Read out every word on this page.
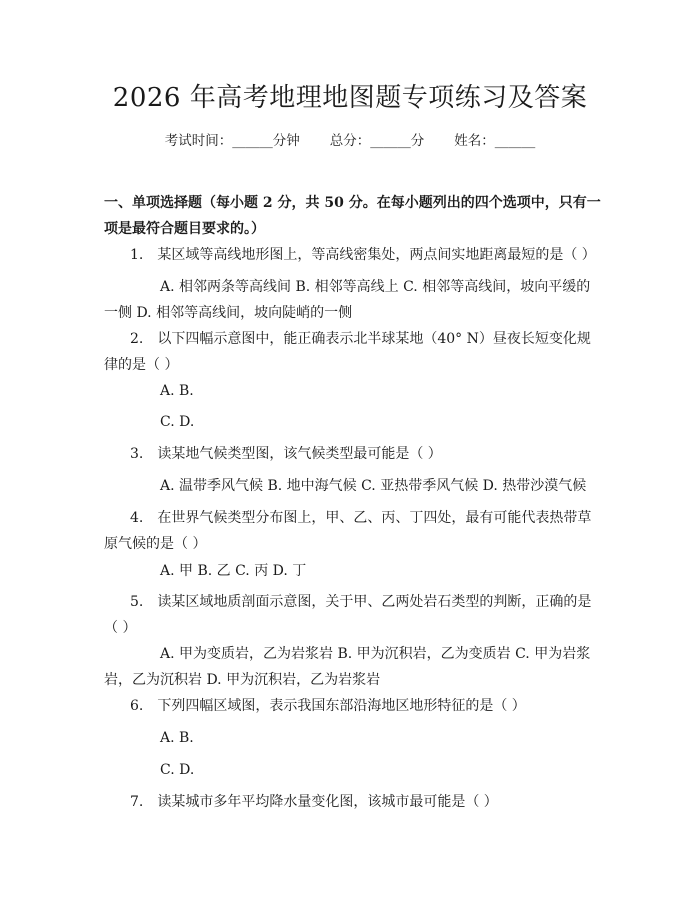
2026 年高考地理地图题专项练习及答案
考试时间：______分钟 总分：______分 姓名：______
一、单项选择题（每小题 2 分，共 50 分。在每小题列出的四个选项中，只有一项是最符合题目要求的。）
1.　某区域等高线地形图上，等高线密集处，两点间实地距离最短的是（ ）
A. 相邻两条等高线间 B. 相邻等高线上 C. 相邻等高线间，坡向平缓的一侧 D. 相邻等高线间，坡向陡峭的一侧
2.　以下四幅示意图中，能正确表示北半球某地（40° N）昼夜长短变化规律的是（ ）
A. B.
C. D.
3.　读某地气候类型图，该气候类型最可能是（ ）
A. 温带季风气候 B. 地中海气候 C. 亚热带季风气候 D. 热带沙漠气候
4.　在世界气候类型分布图上，甲、乙、丙、丁四处，最有可能代表热带草原气候的是（ ）
A. 甲 B. 乙 C. 丙 D. 丁
5.　读某区域地质剖面示意图，关于甲、乙两处岩石类型的判断，正确的是（ ）
A. 甲为变质岩，乙为岩浆岩 B. 甲为沉积岩，乙为变质岩 C. 甲为岩浆岩，乙为沉积岩 D. 甲为沉积岩，乙为岩浆岩
6.　下列四幅区域图，表示我国东部沿海地区地形特征的是（ ）
A. B.
C. D.
7.　读某城市多年平均降水量变化图，该城市最可能是（ ）
